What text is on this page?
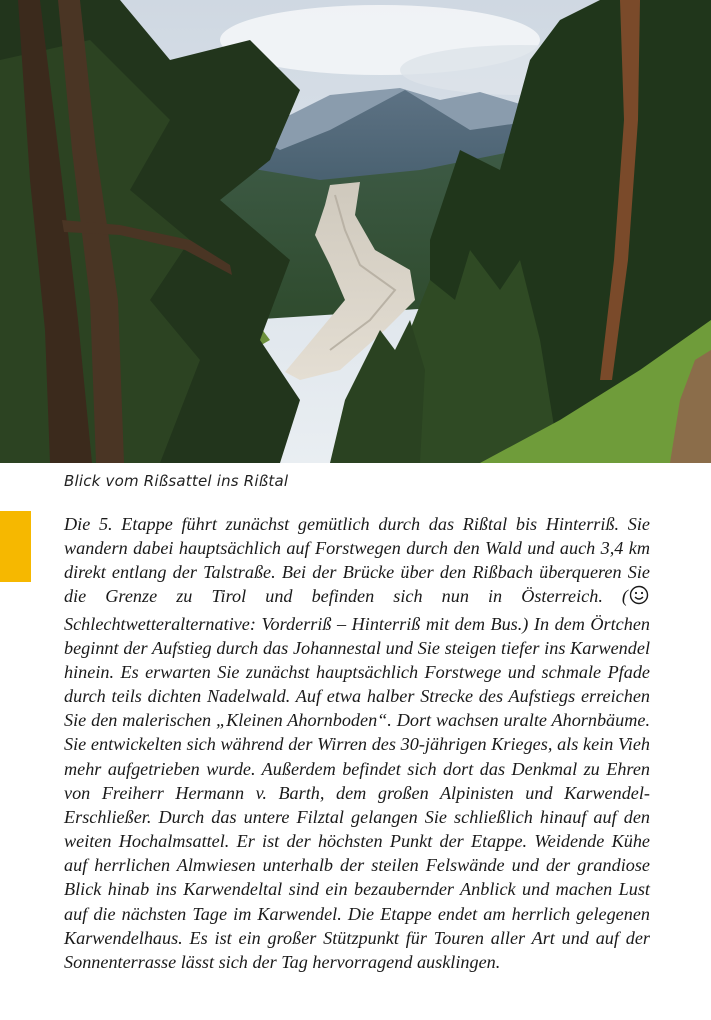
Blick vom Rißsattel ins Rißtal

Die 5. Etappe führt zunächst gemütlich durch das Rißtal bis Hinterriß. Sie wandern dabei hauptsächlich auf Forstwegen durch den Wald und auch 3,4 km direkt entlang der Talstraße. Bei der Brücke über den Rißbach überqueren Sie die Grenze zu Tirol und befinden sich nun in Österreich. ( Schlechtwetteralternative: Vorderriß – Hinterriß mit dem Bus.) In dem Örtchen beginnt der Aufstieg durch das Johannestal und Sie steigen tiefer ins Karwendel hinein. Es erwarten Sie zunächst hauptsächlich Forstwege und schmale Pfade durch teils dichten Nadelwald. Auf etwa halber Strecke des Aufstiegs erreichen Sie den malerischen „Kleinen Ahornboden“. Dort wachsen uralte Ahornbäume. Sie entwickelten sich während der Wirren des 30-jährigen Krieges, als kein Vieh mehr aufgetrieben wurde. Außerdem befindet sich dort das Denkmal zu Ehren von Freiherr Hermann v. Barth, dem großen Alpinisten und Karwendel-Erschließer. Durch das untere Filztal gelangen Sie schließlich hinauf auf den weiten Hochalmsattel. Er ist der höchsten Punkt der Etappe. Weidende Kühe auf herrlichen Almwiesen unterhalb der steilen Felswände und der grandiose Blick hinab ins Karwendeltal sind ein bezaubernder Anblick und machen Lust auf die nächsten Tage im Karwendel. Die Etappe endet am herrlich gelegenen Karwendelhaus. Es ist ein großer Stützpunkt für Touren aller Art und auf der Sonnenterrasse lässt sich der Tag hervorragend ausklingen.
